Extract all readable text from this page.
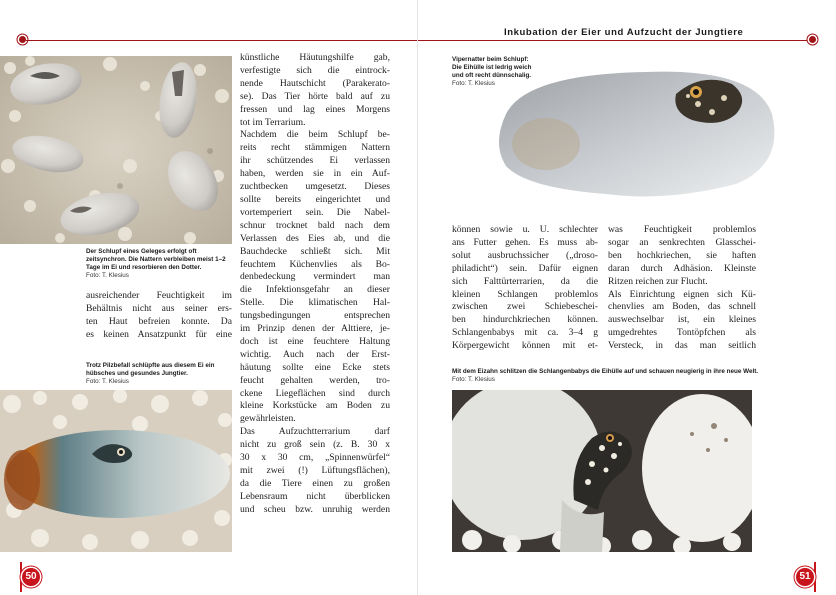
Der Schlupf eines Geleges erfolgt oft zeitsynchron. Die Nattern verbleiben meist 1–2 Tage im Ei und resorbieren den Dotter.
Foto: T. Klesius

ausreichender Feuchtigkeit im

Behältnis nicht aus seiner ers-

ten Haut befreien konnte. Da

es keinen Ansatzpunkt für eine

Trotz Pilzbefall schlüpfte aus diesem Ei ein hübsches und gesundes Jungtier.
Foto: T. Klesius

künstliche Häutungshilfe gab,

verfestigte sich die eintrock-

nende Hautschicht (Parakerato-

se). Das Tier hörte bald auf zu

fressen und lag eines Morgens

tot im Terrarium.

Nachdem die beim Schlupf be-

reits recht stämmigen Nattern

ihr schützendes Ei verlassen

haben, werden sie in ein Auf-

zuchtbecken umgesetzt. Dieses

sollte bereits eingerichtet und

vortemperiert sein. Die Nabel-

schnur trocknet bald nach dem

Verlassen des Eies ab, und die

Bauchdecke schließt sich. Mit

feuchtem Küchenvlies als Bo-

denbedeckung vermindert man

die Infektionsgefahr an dieser

Stelle. Die klimatischen Hal-

tungsbedingungen entsprechen

im Prinzip denen der Alttiere, je-

doch ist eine feuchtere Haltung

wichtig. Auch nach der Erst-

häutung sollte eine Ecke stets

feucht gehalten werden, tro-

ckene Liegeflächen sind durch

kleine Korkstücke am Boden zu

gewährleisten.

Das Aufzuchtterrarium darf

nicht zu groß sein (z. B. 30 x

30 x 30 cm, „Spinnenwürfel“

mit zwei (!) Lüftungsflächen),

da die Tiere einen zu großen

Lebensraum nicht überblicken

und scheu bzw. unruhig werden

50
Inkubation der Eier und Aufzucht der Jungtiere
Vipernatter beim Schlupf: Die Eihülle ist ledrig weich und oft recht dünnschalig.
Foto: T. Klesius

können sowie u. U. schlechter

ans Futter gehen. Es muss ab-

solut ausbruchssicher („droso-

philadicht“) sein. Dafür eignen

sich Falttürterrarien, da die

kleinen Schlangen problemlos

zwischen zwei Schiebeschei-

ben hindurchkriechen können.

Schlangenbabys mit ca. 3–4 g

Körpergewicht können mit et-

was Feuchtigkeit problemlos

sogar an senkrechten Glasschei-

ben hochkriechen, sie haften

daran durch Adhäsion. Kleinste

Ritzen reichen zur Flucht.

Als Einrichtung eignen sich Kü-

chenvlies am Boden, das schnell

auswechselbar ist, ein kleines

umgedrehtes Tontöpfchen als

Versteck, in das man seitlich

Mit dem Eizahn schlitzen die Schlangenbabys die Eihülle auf und schauen neugierig in ihre neue Welt. Foto: T. Klesius
51
